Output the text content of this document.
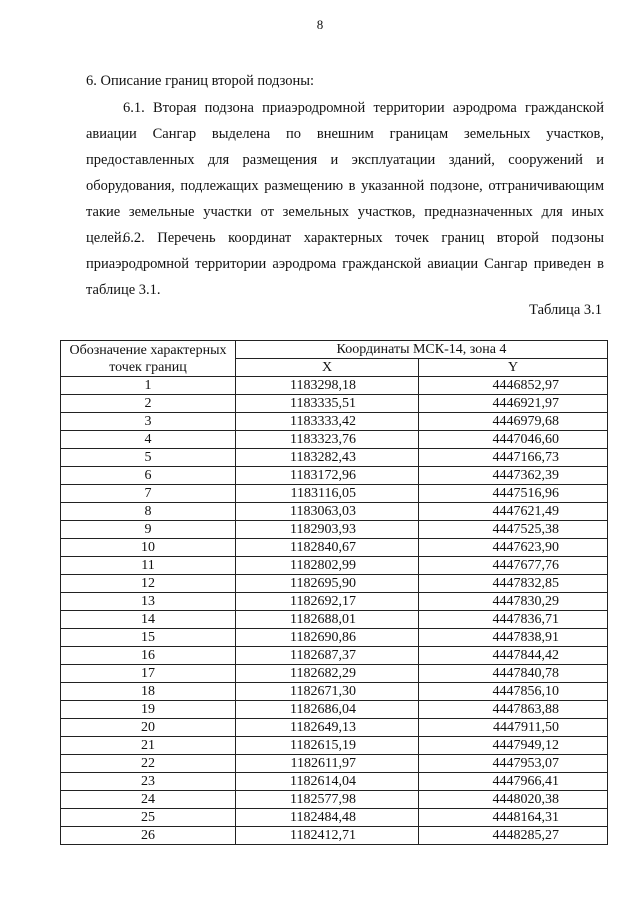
8
6. Описание границ второй подзоны:
6.1. Вторая подзона приаэродромной территории аэродрома гражданской авиации Сангар выделена по внешним границам земельных участков, предоставленных для размещения и эксплуатации зданий, сооружений и оборудования, подлежащих размещению в указанной подзоне, отграничивающим такие земельные участки от земельных участков, предназначенных для иных целей.
6.2. Перечень координат характерных точек границ второй подзоны приаэродромной территории аэродрома гражданской авиации Сангар приведен в таблице 3.1.
Таблица 3.1
Обозначение характерных точек границ	Координаты МСК-14, зона 4	
	X	Y
1	1183298,18	4446852,97
2	1183335,51	4446921,97
3	1183333,42	4446979,68
4	1183323,76	4447046,60
5	1183282,43	4447166,73
6	1183172,96	4447362,39
7	1183116,05	4447516,96
8	1183063,03	4447621,49
9	1182903,93	4447525,38
10	1182840,67	4447623,90
11	1182802,99	4447677,76
12	1182695,90	4447832,85
13	1182692,17	4447830,29
14	1182688,01	4447836,71
15	1182690,86	4447838,91
16	1182687,37	4447844,42
17	1182682,29	4447840,78
18	1182671,30	4447856,10
19	1182686,04	4447863,88
20	1182649,13	4447911,50
21	1182615,19	4447949,12
22	1182611,97	4447953,07
23	1182614,04	4447966,41
24	1182577,98	4448020,38
25	1182484,48	4448164,31
26	1182412,71	4448285,27
